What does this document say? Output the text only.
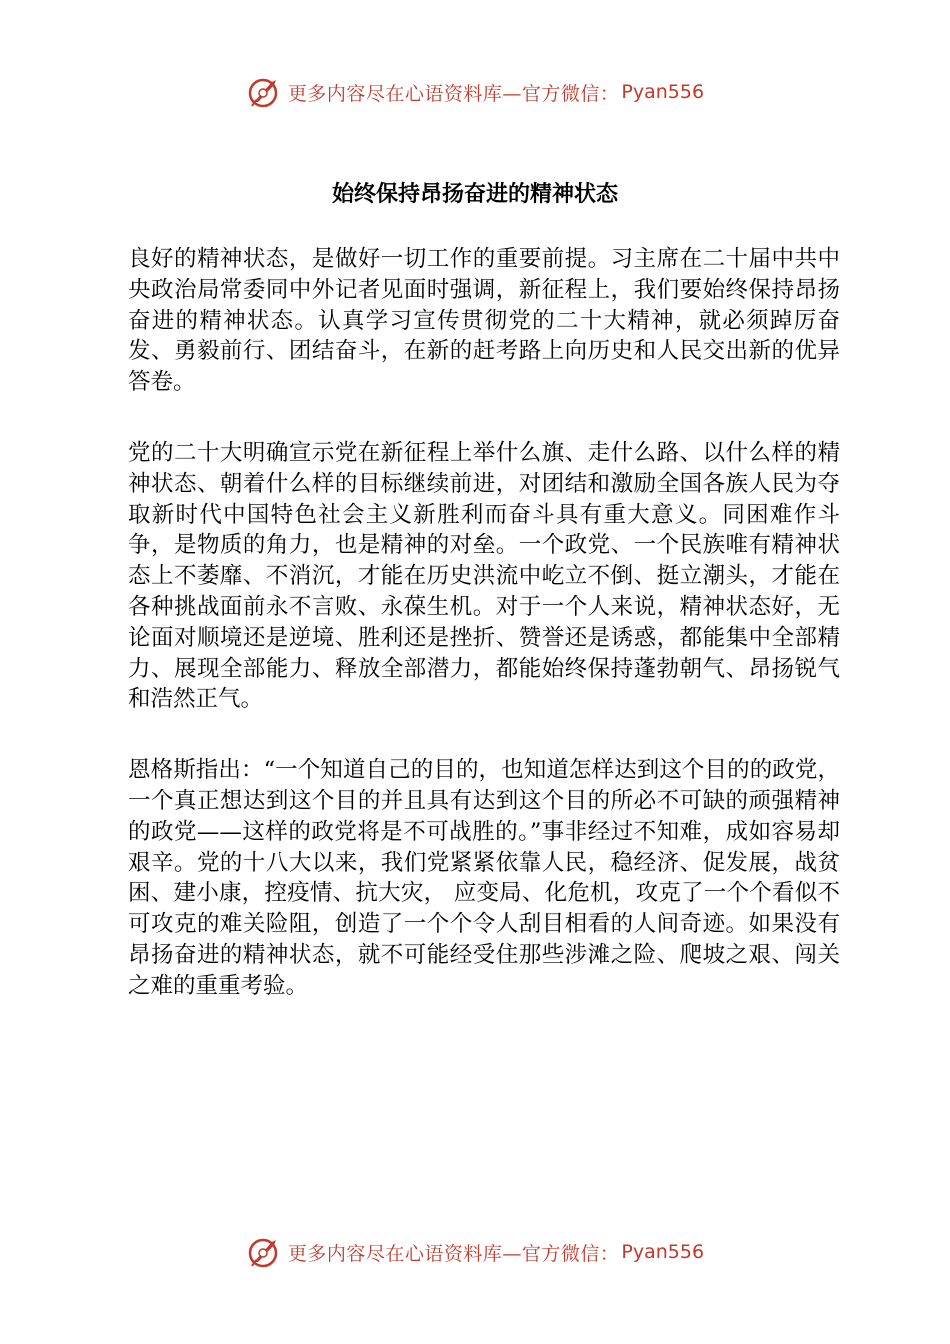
更多内容尽在心语资料库—官方微信： Pyan556
始终保持昂扬奋进的精神状态

良好的精神状态，是做好一切工作的重要前提。习主席在二十届中共中央政治局常委同中外记者见面时强调，新征程上，我们要始终保持昂扬奋进的精神状态。认真学习宣传贯彻党的二十大精神，就必须踔厉奋发、勇毅前行、团结奋斗，在新的赶考路上向历史和人民交出新的优异答卷。

党的二十大明确宣示党在新征程上举什么旗、走什么路、以什么样的精神状态、朝着什么样的目标继续前进，对团结和激励全国各族人民为夺取新时代中国特色社会主义新胜利而奋斗具有重大意义。同困难作斗争，是物质的角力，也是精神的对垒。一个政党、一个民族唯有精神状态上不萎靡、不消沉，才能在历史洪流中屹立不倒、挺立潮头，才能在各种挑战面前永不言败、永葆生机。对于一个人来说，精神状态好，无论面对顺境还是逆境、胜利还是挫折、赞誉还是诱惑，都能集中全部精力、展现全部能力、释放全部潜力，都能始终保持蓬勃朝气、昂扬锐气和浩然正气。

恩格斯指出：“一个知道自己的目的，也知道怎样达到这个目的的政党，一个真正想达到这个目的并且具有达到这个目的所必不可缺的顽强精神的政党——这样的政党将是不可战胜的。”事非经过不知难，成如容易却艰辛。党的十八大以来，我们党紧紧依靠人民，稳经济、促发展，战贫困、建小康，控疫情、抗大灾， 应变局、化危机，攻克了一个个看似不可攻克的难关险阻，创造了一个个令人刮目相看的人间奇迹。如果没有昂扬奋进的精神状态，就不可能经受住那些涉滩之险、爬坡之艰、闯关之难的重重考验。

更多内容尽在心语资料库—官方微信： Pyan556
